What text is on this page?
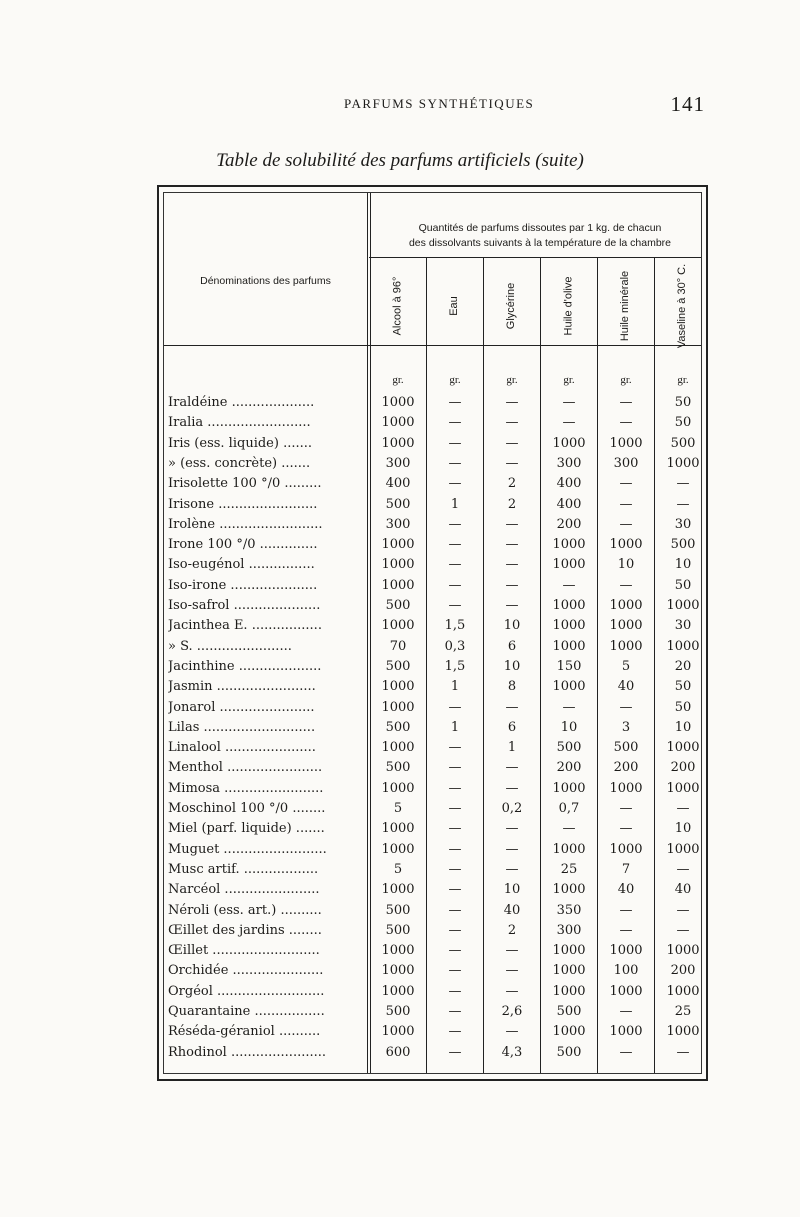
PARFUMS SYNTHÉTIQUES	141
Table de solubilité des parfums artificiels (suite)
Dénominations des parfums
Quantités de parfums dissoutes par 1 kg. de chacun
des dissolvants suivants à la température de la chambre
Alcool à 96°	Eau	Glycérine	Huile d'olive	Huile minérale	Vaseline à 30° C.
gr.	gr.	gr.	gr.	gr.	gr.
Iraldéine ....................	1000	—	—	—	—	50
Iralia .........................	1000	—	—	—	—	50
Iris (ess. liquide) .......	1000	—	—	1000	1000	500
» (ess. concrète) .......	300	—	—	300	300	1000
Irisolette 100 °/0 .........	400	—	2	400	—	—
Irisone ........................	500	1	2	400	—	—
Irolène .........................	300	—	—	200	—	30
Irone 100 °/0 ..............	1000	—	—	1000	1000	500
Iso-eugénol ................	1000	—	—	1000	10	10
Iso-irone .....................	1000	—	—	—	—	50
Iso-safrol .....................	500	—	—	1000	1000	1000
Jacinthea E. .................	1000	1,5	10	1000	1000	30
» S. .......................	70	0,3	6	1000	1000	1000
Jacinthine ....................	500	1,5	10	150	5	20
Jasmin ........................	1000	1	8	1000	40	50
Jonarol .......................	1000	—	—	—	—	50
Lilas ...........................	500	1	6	10	3	10
Linalool ......................	1000	—	1	500	500	1000
Menthol .......................	500	—	—	200	200	200
Mimosa ........................	1000	—	—	1000	1000	1000
Moschinol 100 °/0 ........	5	—	0,2	0,7	—	—
Miel (parf. liquide) .......	1000	—	—	—	—	10
Muguet .........................	1000	—	—	1000	1000	1000
Musc artif. ..................	5	—	—	25	7	—
Narcéol .......................	1000	—	10	1000	40	40
Néroli (ess. art.) ..........	500	—	40	350	—	—
Œillet des jardins ........	500	—	2	300	—	—
Œillet ..........................	1000	—	—	1000	1000	1000
Orchidée ......................	1000	—	—	1000	100	200
Orgéol ..........................	1000	—	—	1000	1000	1000
Quarantaine .................	500	—	2,6	500	—	25
Réséda-géraniol ..........	1000	—	—	1000	1000	1000
Rhodinol .......................	600	—	4,3	500	—	—
